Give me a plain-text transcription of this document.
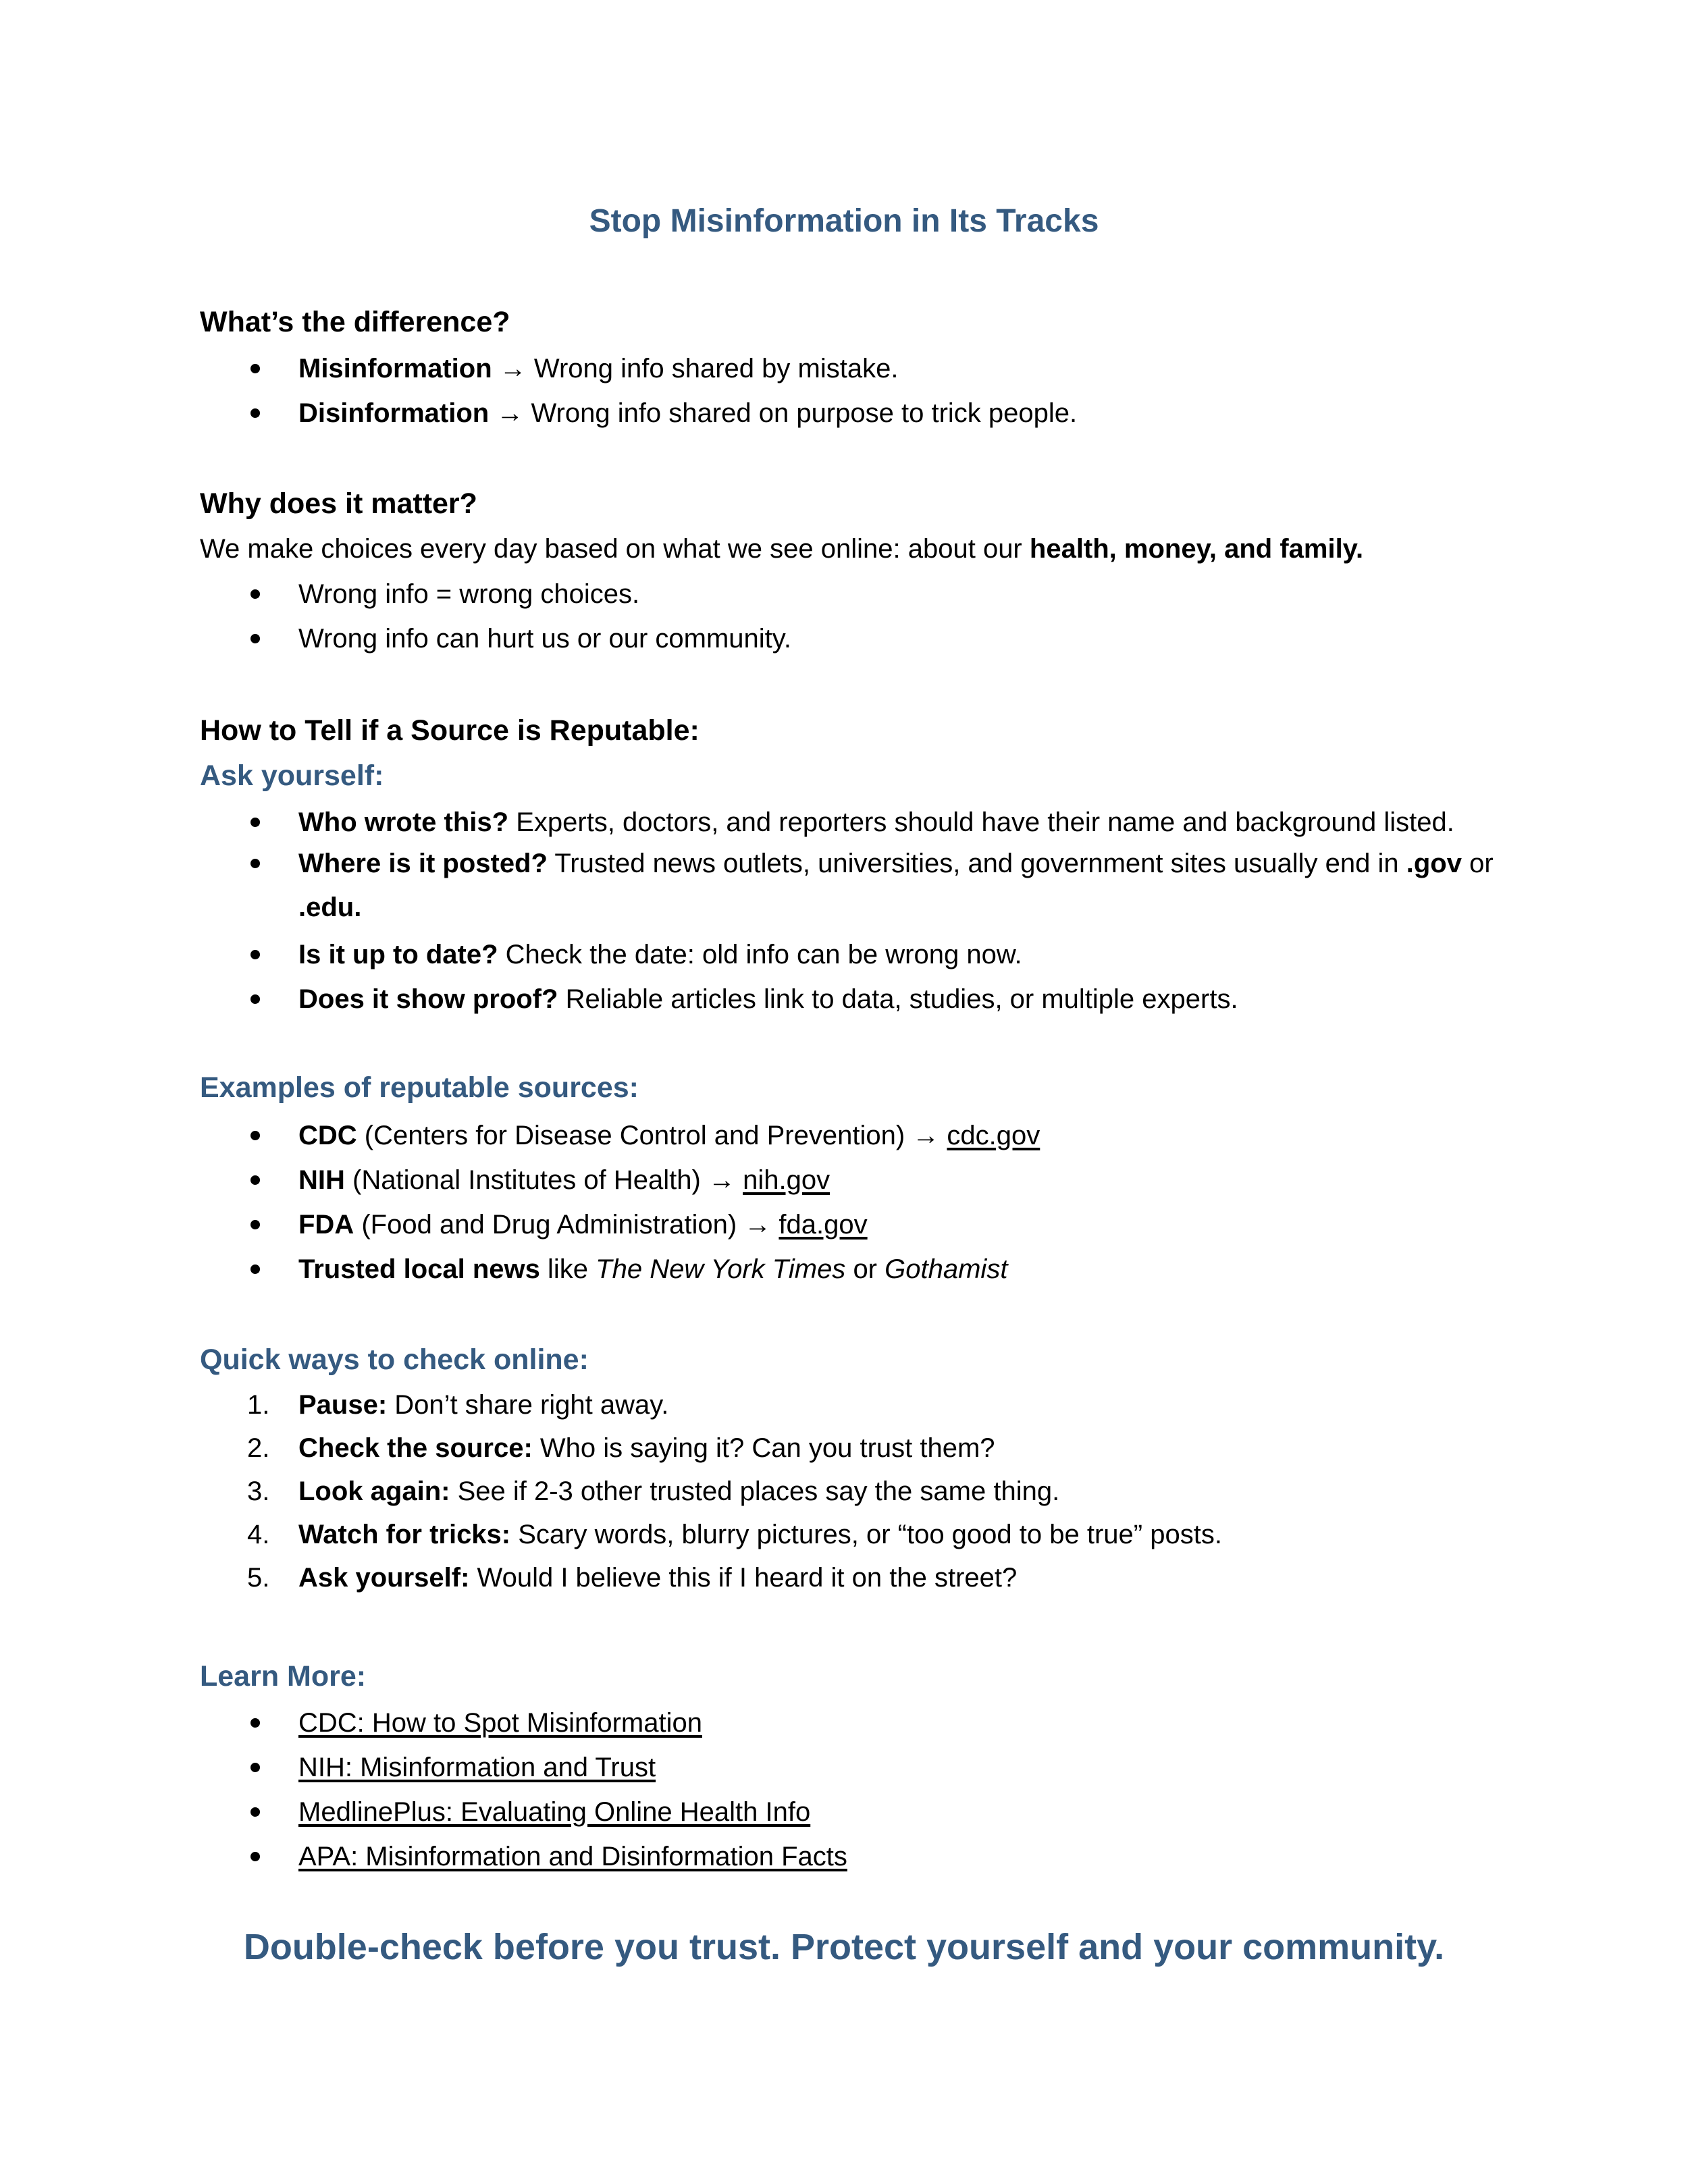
Stop Misinformation in Its Tracks
What’s the difference?
Misinformation → Wrong info shared by mistake.
Disinformation → Wrong info shared on purpose to trick people.
Why does it matter?

We make choices every day based on what we see online: about our health, money, and family.

Wrong info = wrong choices.
Wrong info can hurt us or our community.
How to Tell if a Source is Reputable:
Ask yourself:
Who wrote this? Experts, doctors, and reporters should have their name and background listed.
Where is it posted? Trusted news outlets, universities, and government sites usually end in .gov or .edu.
Is it up to date? Check the date: old info can be wrong now.
Does it show proof? Reliable articles link to data, studies, or multiple experts.
Examples of reputable sources:
CDC (Centers for Disease Control and Prevention) → cdc.gov
NIH (National Institutes of Health) → nih.gov
FDA (Food and Drug Administration) → fda.gov
Trusted local news like The New York Times or Gothamist
Quick ways to check online:
1. Pause: Don’t share right away.
2. Check the source: Who is saying it? Can you trust them?
3. Look again: See if 2-3 other trusted places say the same thing.
4. Watch for tricks: Scary words, blurry pictures, or “too good to be true” posts.
5. Ask yourself: Would I believe this if I heard it on the street?
Learn More:
CDC: How to Spot Misinformation
NIH: Misinformation and Trust
MedlinePlus: Evaluating Online Health Info
APA: Misinformation and Disinformation Facts

Double-check before you trust. Protect yourself and your community.
